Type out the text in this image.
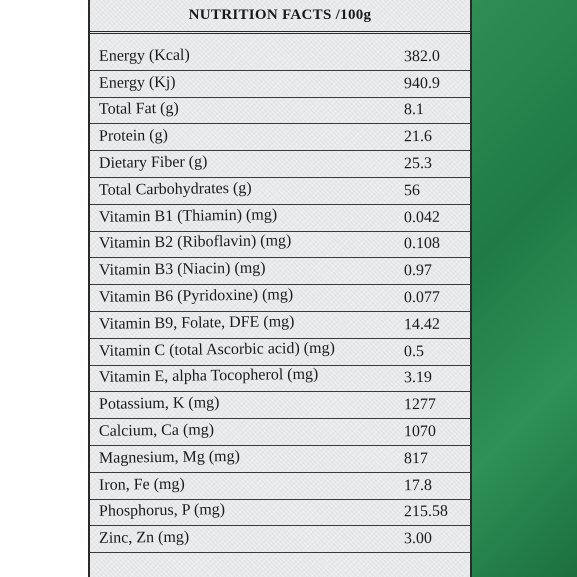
NUTRITION FACTS /100g
Energy (Kcal)	382.0
Energy (Kj)	940.9
Total Fat (g)	8.1
Protein (g)	21.6
Dietary Fiber (g)	25.3
Total Carbohydrates (g)	56
Vitamin B1 (Thiamin) (mg)	0.042
Vitamin B2 (Riboflavin) (mg)	0.108
Vitamin B3 (Niacin) (mg)	0.97
Vitamin B6 (Pyridoxine) (mg)	0.077
Vitamin B9, Folate, DFE (mg)	14.42
Vitamin C (total Ascorbic acid) (mg)	0.5
Vitamin E, alpha Tocopherol (mg)	3.19
Potassium, K (mg)	1277
Calcium, Ca (mg)	1070
Magnesium, Mg (mg)	817
Iron, Fe (mg)	17.8
Phosphorus, P (mg)	215.58
Zinc, Zn (mg)	3.00
